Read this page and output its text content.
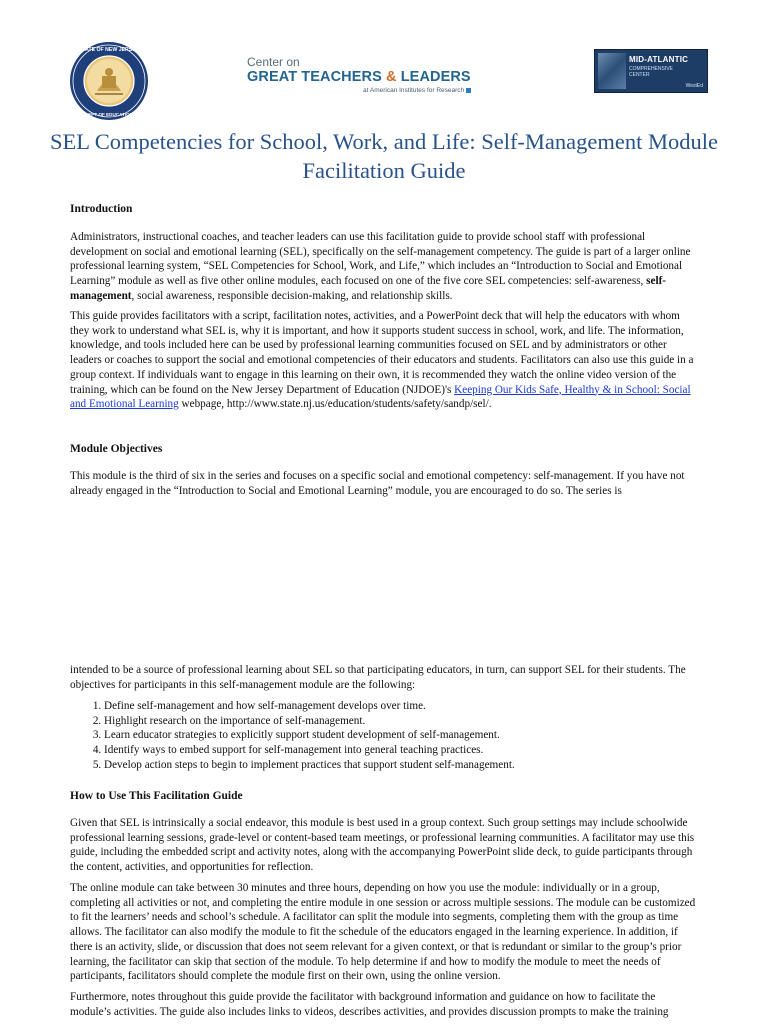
STATE OF NEW JERSEY
DEPT OF EDUCATION
Center on
GREAT TEACHERS & LEADERS
at American Institutes for Research
MID-ATLANTIC
COMPREHENSIVE CENTER
WestEd
SEL Competencies for School, Work, and Life: Self-Management Module Facilitation Guide
Introduction

Administrators, instructional coaches, and teacher leaders can use this facilitation guide to provide school staff with professional development on social and emotional learning (SEL), specifically on the self-management competency. The guide is part of a larger online professional learning system, “SEL Competencies for School, Work, and Life,” which includes an “Introduction to Social and Emotional Learning” module as well as five other online modules, each focused on one of the five core SEL competencies: self-awareness, self-management, social awareness, responsible decision-making, and relationship skills.

This guide provides facilitators with a script, facilitation notes, activities, and a PowerPoint deck that will help the educators with whom they work to understand what SEL is, why it is important, and how it supports student success in school, work, and life. The information, knowledge, and tools included here can be used by professional learning communities focused on SEL and by administrators or other leaders or coaches to support the social and emotional competencies of their educators and students. Facilitators can also use this guide in a group context. If individuals want to engage in this learning on their own, it is recommended they watch the online video version of the training, which can be found on the New Jersey Department of Education (NJDOE)'s Keeping Our Kids Safe, Healthy & in School: Social and Emotional Learning webpage, http://www.state.nj.us/education/students/safety/sandp/sel/.

Module Objectives
This module is the third of six in the series and focuses on a specific social and emotional competency: self-management. If you have not already engaged in the “Introduction to Social and Emotional Learning” module, you are encouraged to do so. The series is
intended to be a source of professional learning about SEL so that participating educators, in turn, can support SEL for their students. The objectives for participants in this self-management module are the following:
1. Define self-management and how self-management develops over time.
2. Highlight research on the importance of self-management.
3. Learn educator strategies to explicitly support student development of self-management.
4. Identify ways to embed support for self-management into general teaching practices.
5. Develop action steps to begin to implement practices that support student self-management.
How to Use This Facilitation Guide
Given that SEL is intrinsically a social endeavor, this module is best used in a group context. Such group settings may include schoolwide professional learning sessions, grade-level or content-based team meetings, or professional learning communities. A facilitator may use this guide, including the embedded script and activity notes, along with the accompanying PowerPoint slide deck, to guide participants through the content, activities, and opportunities for reflection.
The online module can take between 30 minutes and three hours, depending on how you use the module: individually or in a group, completing all activities or not, and completing the entire module in one session or across multiple sessions. The module can be customized to fit the learners’ needs and school’s schedule. A facilitator can split the module into segments, completing them with the group as time allows. The facilitator can also modify the module to fit the schedule of the educators engaged in the learning experience. In addition, if there is an activity, slide, or discussion that does not seem relevant for a given context, or that is redundant or similar to the group’s prior learning, the facilitator can skip that section of the module. To help determine if and how to modify the module to meet the needs of participants, facilitators should complete the module first on their own, using the online version.
Furthermore, notes throughout this guide provide the facilitator with background information and guidance on how to facilitate the module’s activities. The guide also includes links to videos, describes activities, and provides discussion prompts to make the training
